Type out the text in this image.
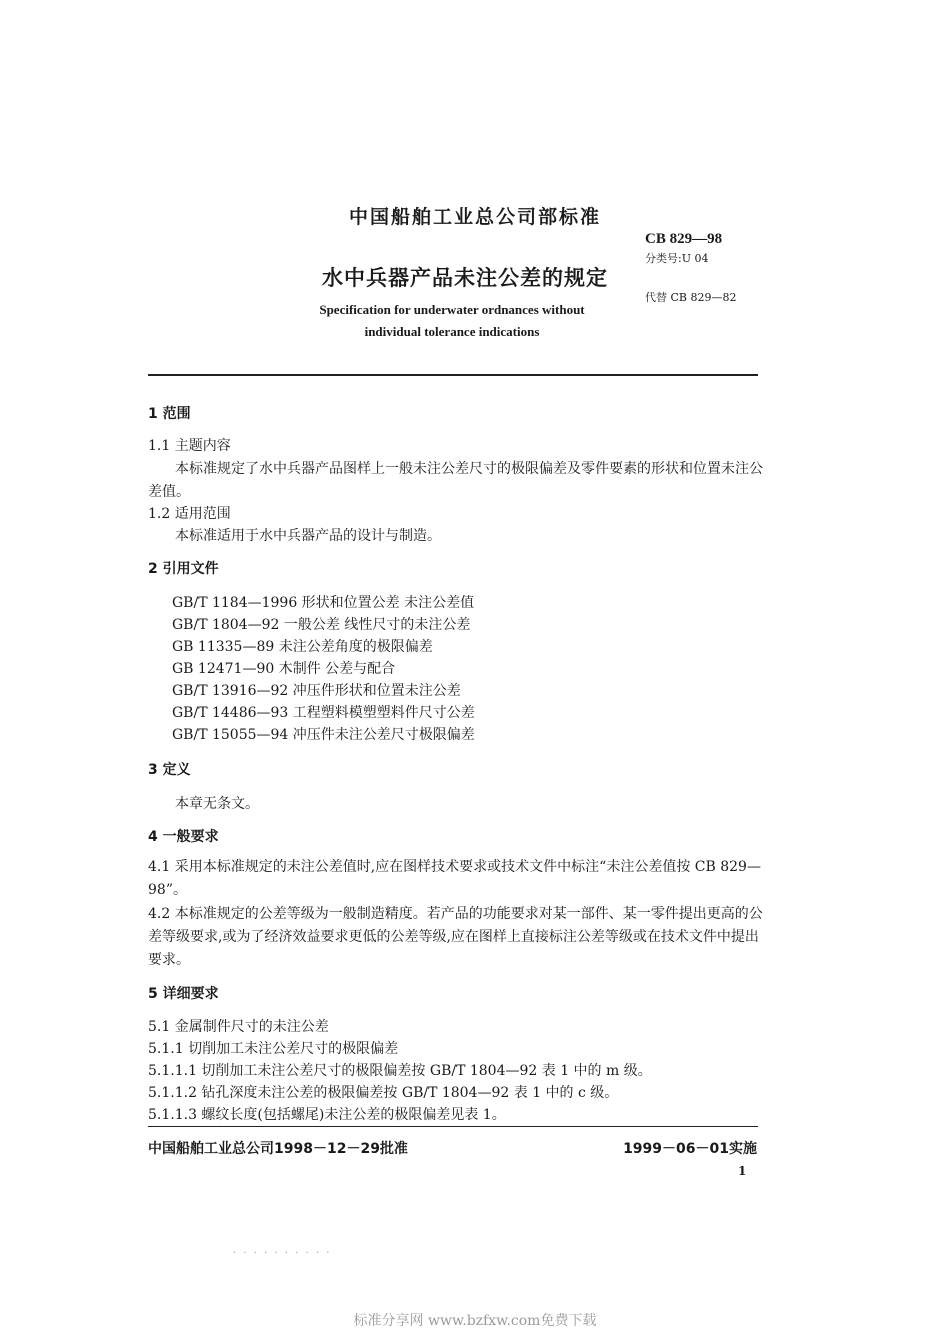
中国船舶工业总公司部标准
CB 829—98
分类号:U 04
水中兵器产品未注公差的规定
代替 CB 829—82
Specification for underwater ordnances without
individual tolerance indications
1 范围
1.1 主题内容
本标准规定了水中兵器产品图样上一般未注公差尺寸的极限偏差及零件要素的形状和位置未注公
差值。
1.2 适用范围
本标准适用于水中兵器产品的设计与制造。
2 引用文件
GB/T 1184—1996 形状和位置公差 未注公差值
GB/T 1804—92 一般公差 线性尺寸的未注公差
GB 11335—89 未注公差角度的极限偏差
GB 12471—90 木制件 公差与配合
GB/T 13916—92 冲压件形状和位置未注公差
GB/T 14486—93 工程塑料模塑塑料件尺寸公差
GB/T 15055—94 冲压件未注公差尺寸极限偏差
3 定义
本章无条文。
4 一般要求
4.1 采用本标准规定的未注公差值时,应在图样技术要求或技术文件中标注“未注公差值按 CB 829—
98”。
4.2 本标准规定的公差等级为一般制造精度。若产品的功能要求对某一部件、某一零件提出更高的公
差等级要求,或为了经济效益要求更低的公差等级,应在图样上直接标注公差等级或在技术文件中提出
要求。
5 详细要求
5.1 金属制件尺寸的未注公差
5.1.1 切削加工未注公差尺寸的极限偏差
5.1.1.1 切削加工未注公差尺寸的极限偏差按 GB/T 1804—92 表 1 中的 m 级。
5.1.1.2 钻孔深度未注公差的极限偏差按 GB/T 1804—92 表 1 中的 c 级。
5.1.1.3 螺纹长度(包括螺尾)未注公差的极限偏差见表 1。
中国船舶工业总公司1998－12－29批准	1999－06－01实施
1
. . . . . . . . . .
标准分享网 www.bzfxw.com免费下载
